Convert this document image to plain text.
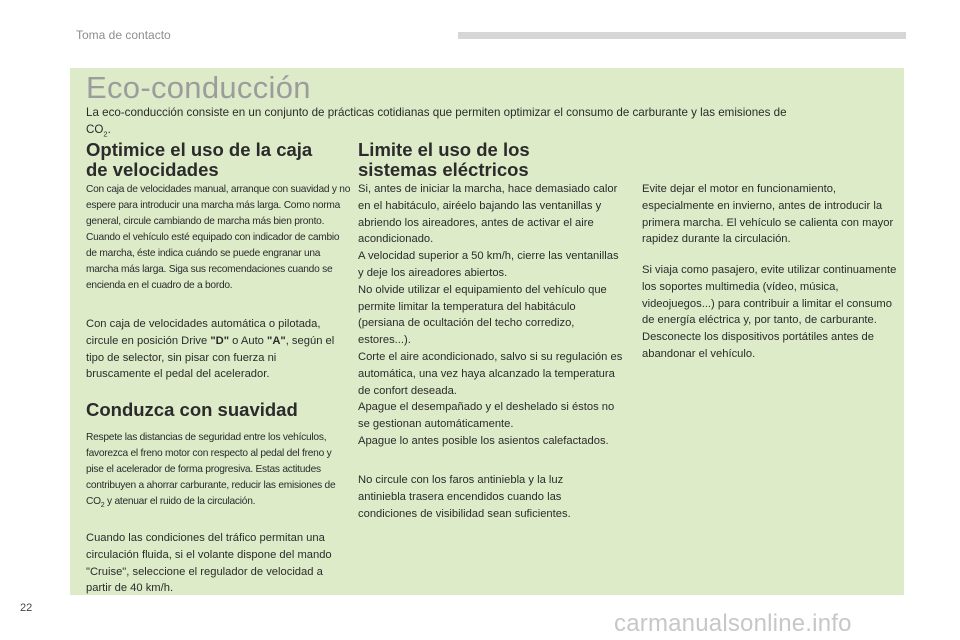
Toma de contacto
Eco-conducción
La eco-conducción consiste en un conjunto de prácticas cotidianas que permiten optimizar el consumo de carburante y las emisiones de $CO_2$.
Optimice el uso de la caja
de velocidades
Con caja de velocidades manual, arranque con suavidad y no espere para introducir una marcha más larga. Como norma general, circule cambiando de marcha más bien pronto. Cuando el vehículo esté equipado con indicador de cambio de marcha, éste indica cuándo se puede engranar una marcha más larga. Siga sus recomendaciones cuando se encienda en el cuadro de a bordo.
Con caja de velocidades automática o pilotada, circule en posición Drive "D" o Auto "A", según el tipo de selector, sin pisar con fuerza ni bruscamente el pedal del acelerador.
Conduzca con suavidad
Respete las distancias de seguridad entre los vehículos, favorezca el freno motor con respecto al pedal del freno y pise el acelerador de forma progresiva. Estas actitudes contribuyen a ahorrar carburante, reducir las emisiones de $CO_2$ y atenuar el ruido de la circulación.
Cuando las condiciones del tráfico permitan una circulación fluida, si el volante dispone del mando "Cruise", seleccione el regulador de velocidad a partir de 40 km/h.
Limite el uso de los
sistemas eléctricos
Si, antes de iniciar la marcha, hace demasiado calor en el habitáculo, airéelo bajando las ventanillas y abriendo los aireadores, antes de activar el aire acondicionado.
A velocidad superior a 50 km/h, cierre las ventanillas y deje los aireadores abiertos.
No olvide utilizar el equipamiento del vehículo que permite limitar la temperatura del habitáculo (persiana de ocultación del techo corredizo, estores...).
Corte el aire acondicionado, salvo si su regulación es automática, una vez haya alcanzado la temperatura de confort deseada.
Apague el desempañado y el deshelado si éstos no se gestionan automáticamente.
Apague lo antes posible los asientos calefactados.
No circule con los faros antiniebla y la luz antiniebla trasera encendidos cuando las condiciones de visibilidad sean suficientes.
Evite dejar el motor en funcionamiento, especialmente en invierno, antes de introducir la primera marcha. El vehículo se calienta con mayor rapidez durante la circulación.
Si viaja como pasajero, evite utilizar continuamente los soportes multimedia (vídeo, música, videojuegos...) para contribuir a limitar el consumo de energía eléctrica y, por tanto, de carburante.
Desconecte los dispositivos portátiles antes de abandonar el vehículo.
22
carmanualsonline.info
